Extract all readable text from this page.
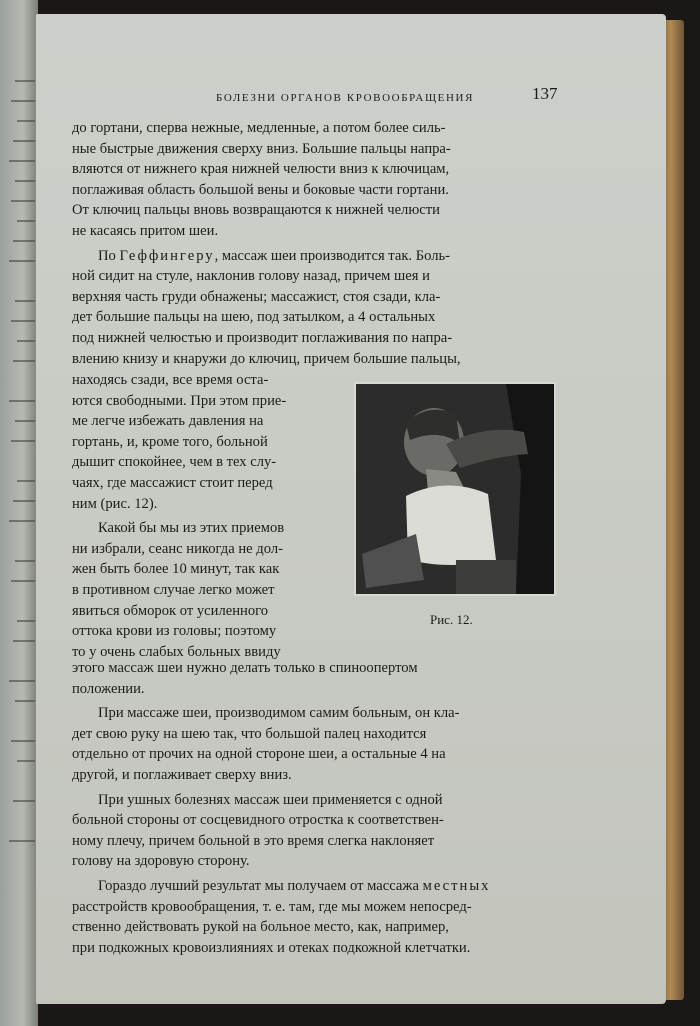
БОЛЕЗНИ ОРГАНОВ КРОВООБРАЩЕНИЯ	137
до гортани, сперва нежные, медленные, а потом более силь-
ные быстрые движения сверху вниз. Большие пальцы напра-
вляются от нижнего края нижней челюсти вниз к ключицам,
поглаживая область большой вены и боковые части гортани.
От ключиц пальцы вновь возвращаются к нижней челюсти
не касаясь притом шеи.
По Геффингеру, массаж шеи производится так. Боль-
ной сидит на стуле, наклонив голову назад, причем шея и
верхняя часть груди обнажены; массажист, стоя сзади, кла-
дет большие пальцы на шею, под затылком, а 4 остальных
под нижней челюстью и производит поглаживания по напра-
влению книзу и кнаружи до ключиц, причем большие пальцы,
находясь сзади, все время оста-
ются свободными. При этом прие-
ме легче избежать давления на
гортань, и, кроме того, больной
дышит спокойнее, чем в тех слу-
чаях, где массажист стоит перед
ним (рис. 12).
Какой бы мы из этих приемов
ни избрали, сеанс никогда не дол-
жен быть более 10 минут, так как
в противном случае легко может
явиться обморок от усиленного
оттока крови из головы; поэтому
то у очень слабых больных ввиду
Рис. 12.
этого массаж шеи нужно делать только в спиноопертом
положении.
При массаже шеи, производимом самим больным, он кла-
дет свою руку на шею так, что большой палец находится
отдельно от прочих на одной стороне шеи, а остальные 4 на
другой, и поглаживает сверху вниз.
При ушных болезнях массаж шеи применяется с одной
больной стороны от сосцевидного отростка к соответствен-
ному плечу, причем больной в это время слегка наклоняет
голову на здоровую сторону.
Гораздо лучший результат мы получаем от массажа местных
расстройств кровообращения, т. е. там, где мы можем непосред-
ственно действовать рукой на больное место, как, например,
при подкожных кровоизлияниях и отеках подкожной клетчатки.
